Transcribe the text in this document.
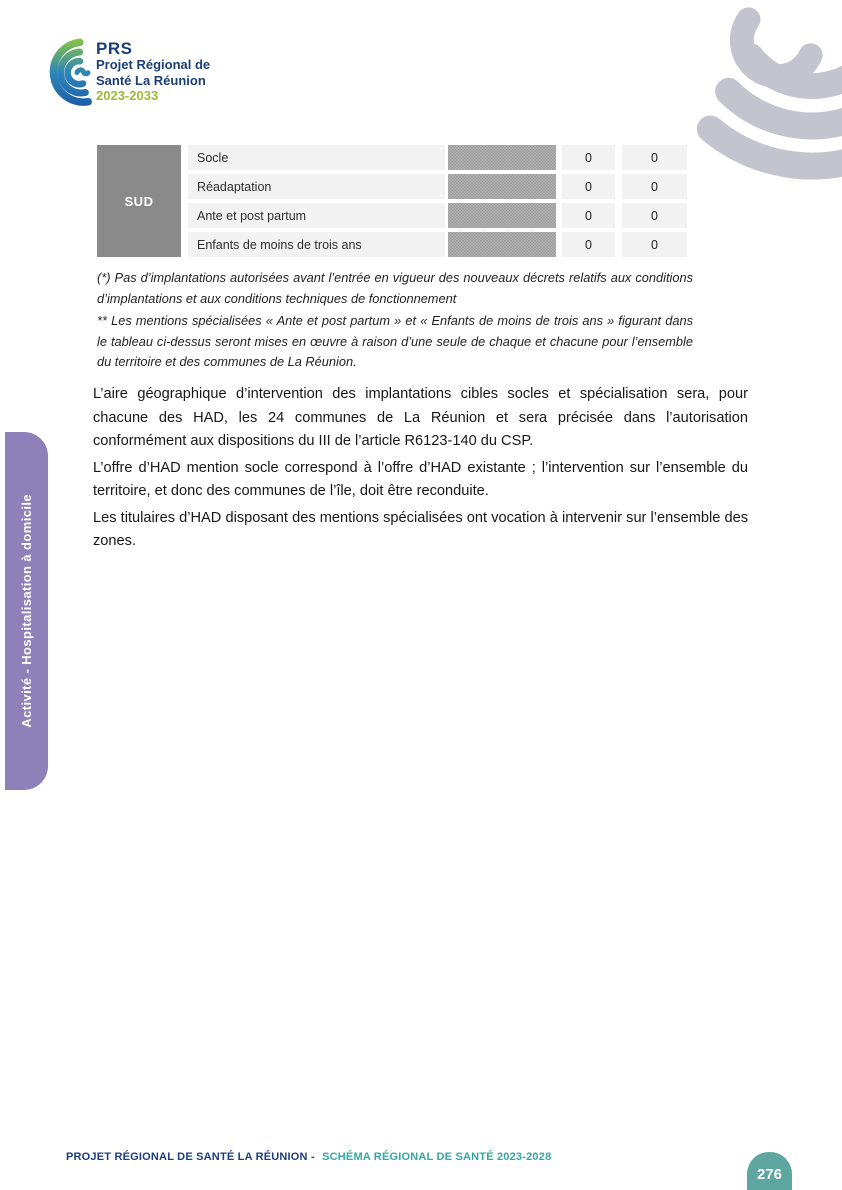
PRS
Projet Régional de
Santé La Réunion
2023-2033
SUD
Socle	0	0
Réadaptation	0	0
Ante et post partum	0	0
Enfants de moins de trois ans	0	0
(*) Pas d’implantations autorisées avant l’entrée en vigueur des nouveaux décrets relatifs aux conditions d’implantations et aux conditions techniques de fonctionnement
** Les mentions spécialisées « Ante et post partum » et « Enfants de moins de trois ans » figurant dans le tableau ci-dessus seront mises en œuvre à raison d’une seule de chaque et chacune pour l’ensemble du territoire et des communes de La Réunion.

L’aire géographique d’intervention des implantations cibles socles et spécialisation sera, pour chacune des HAD, les 24 communes de La Réunion et sera précisée dans l’autorisation conformément aux dispositions du III de l’article R6123-140 du CSP.

L’offre d’HAD mention socle correspond à l’offre d’HAD existante ; l’intervention sur l’ensemble du territoire, et donc des communes de l’île, doit être reconduite.

Les titulaires d’HAD disposant des mentions spécialisées ont vocation à intervenir sur l’ensemble des zones.

Activité - Hospitalisation à domicile
PROJET RÉGIONAL DE SANTÉ LA RÉUNION - SCHÉMA RÉGIONAL DE SANTÉ 2023-2028
276
